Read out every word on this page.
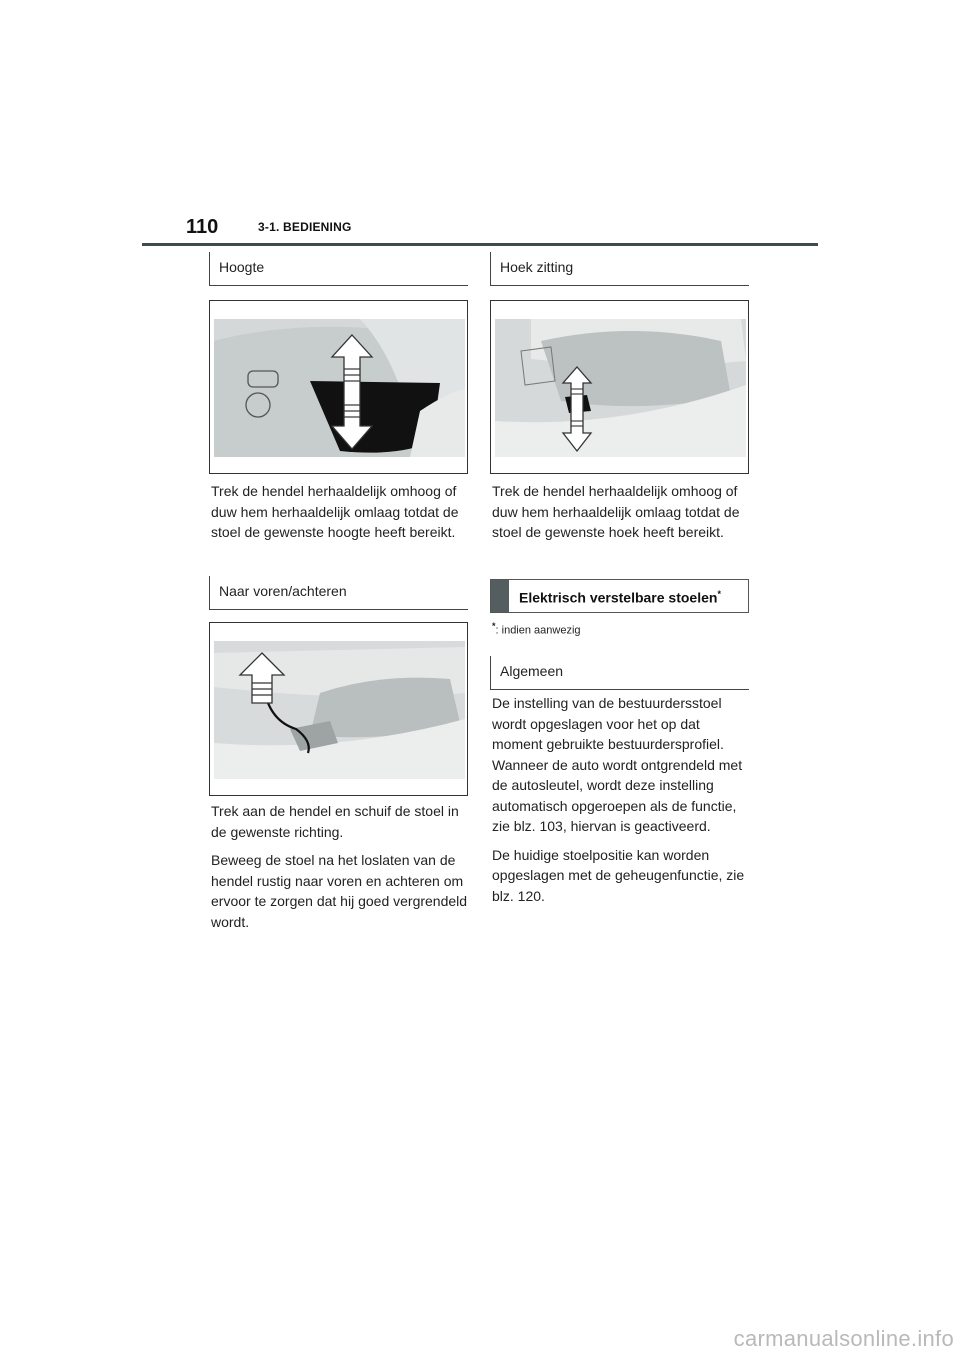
110	3-1. BEDIENING
Hoogte

Trek de hendel herhaaldelijk omhoog of duw hem herhaaldelijk omlaag totdat de stoel de gewenste hoogte heeft bereikt.

Naar voren/achteren

Trek aan de hendel en schuif de stoel in de gewenste richting.

Beweeg de stoel na het loslaten van de hendel rustig naar voren en achteren om ervoor te zorgen dat hij goed vergrendeld wordt.

Hoek zitting

Trek de hendel herhaaldelijk omhoog of duw hem herhaaldelijk omlaag totdat de stoel de gewenste hoek heeft bereikt.

Elektrisch verstelbare stoelen*
*: indien aanwezig
Algemeen

De instelling van de bestuurdersstoel wordt opgeslagen voor het op dat moment gebruikte bestuurdersprofiel. Wanneer de auto wordt ontgrendeld met de autosleutel, wordt deze instelling automatisch opgeroepen als de functie, zie blz. 103, hiervan is geactiveerd.

De huidige stoelpositie kan worden opgeslagen met de geheugenfunctie, zie blz. 120.

carmanualsonline.info
